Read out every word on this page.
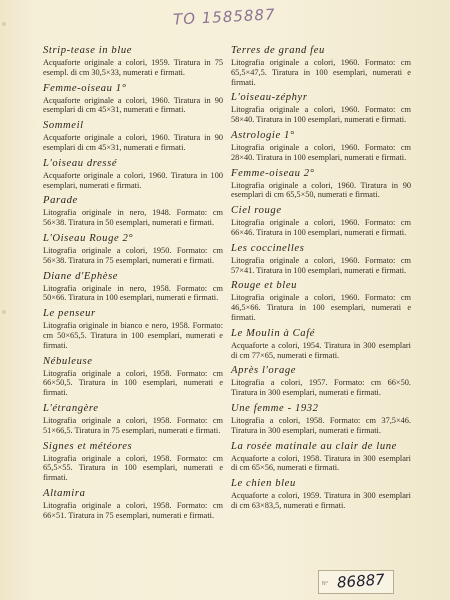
TO 1585887

Strip-tease in blue

Acquaforte originale a colori, 1959. Tiratura in 75 esempl. di cm 30,5×33, numerati e firmati.

Femme-oiseau 1°

Acquaforte originale a colori, 1960. Tiratura in 90 esemplari di cm 45×31, numerati e firmati.

Sommeil

Acquaforte originale a colori, 1960. Tiratura in 90 esemplari di cm 45×31, numerati e firmati.

L'oiseau dressé

Acquaforte originale a colori, 1960. Tiratura in 100 esemplari, numerati e firmati.

Parade

Litografia originale in nero, 1948. Formato: cm 56×38. Tiratura in 50 esemplari, numerati e firmati.

L'Oiseau Rouge 2°

Litografia originale a colori, 1950. Formato: cm 56×38. Tiratura in 75 esemplari, numerati e firmati.

Diane d'Ephèse

Litografia originale in nero, 1958. Formato: cm 50×66. Tiratura in 100 esemplari, numerati e firmati.

Le penseur

Litografia originale in bianco e nero, 1958. Formato: cm 50×65,5. Tiratura in 100 esemplari, numerati e firmati.

Nébuleuse

Litografia originale a colori, 1958. Formato: cm 66×50,5. Tiratura in 100 esemplari, numerati e firmati.

L'étrangère

Litografia originale a colori, 1958. Formato: cm 51×66,5. Tiratura in 75 esemplari, numerati e firmati.

Signes et météores

Litografia originale a colori, 1958. Formato: cm 65,5×55. Tiratura in 100 esemplari, numerati e firmati.

Altamira

Litografia originale a colori, 1958. Formato: cm 66×51. Tiratura in 75 esemplari, numerati e firmati.

Terres de grand feu

Litografia originale a colori, 1960. Formato: cm 65,5×47,5. Tiratura in 100 esemplari, numerati e firmati.

L'oiseau-zéphyr

Litografia originale a colori, 1960. Formato: cm 58×40. Tiratura in 100 esemplari, numerati e firmati.

Astrologie 1°

Litografia originale a colori, 1960. Formato: cm 28×40. Tiratura in 100 esemplari, numerati e firmati.

Femme-oiseau 2°

Litografia originale a colori, 1960. Tiratura in 90 esemplari di cm 65,5×50, numerati e firmati.

Ciel rouge

Litografia originale a colori, 1960. Formato: cm 66×46. Tiratura in 100 esemplari, numerati e firmati.

Les coccinelles

Litografia originale a colori, 1960. Formato: cm 57×41. Tiratura in 100 esemplari, numerati e firmati.

Rouge et bleu

Litografia originale a colori, 1960. Formato: cm 46,5×66. Tiratura in 100 esemplari, numerati e firmati.

Le Moulin à Café

Acquaforte a colori, 1954. Tiratura in 300 esemplari di cm 77×65, numerati e firmati.

Après l'orage

Litografia a colori, 1957. Formato: cm 66×50. Tiratura in 300 esemplari, numerati e firmati.

Une femme - 1932

Litografia a colori, 1958. Formato: cm 37,5×46. Tiratura in 300 esemplari, numerati e firmati.

La rosée matinale au clair de lune

Acquaforte a colori, 1958. Tiratura in 300 esemplari di cm 65×56, numerati e firmati.

Le chien bleu

Acquaforte a colori, 1959. Tiratura in 300 esemplari di cm 63×83,5, numerati e firmati.

N° 86887
